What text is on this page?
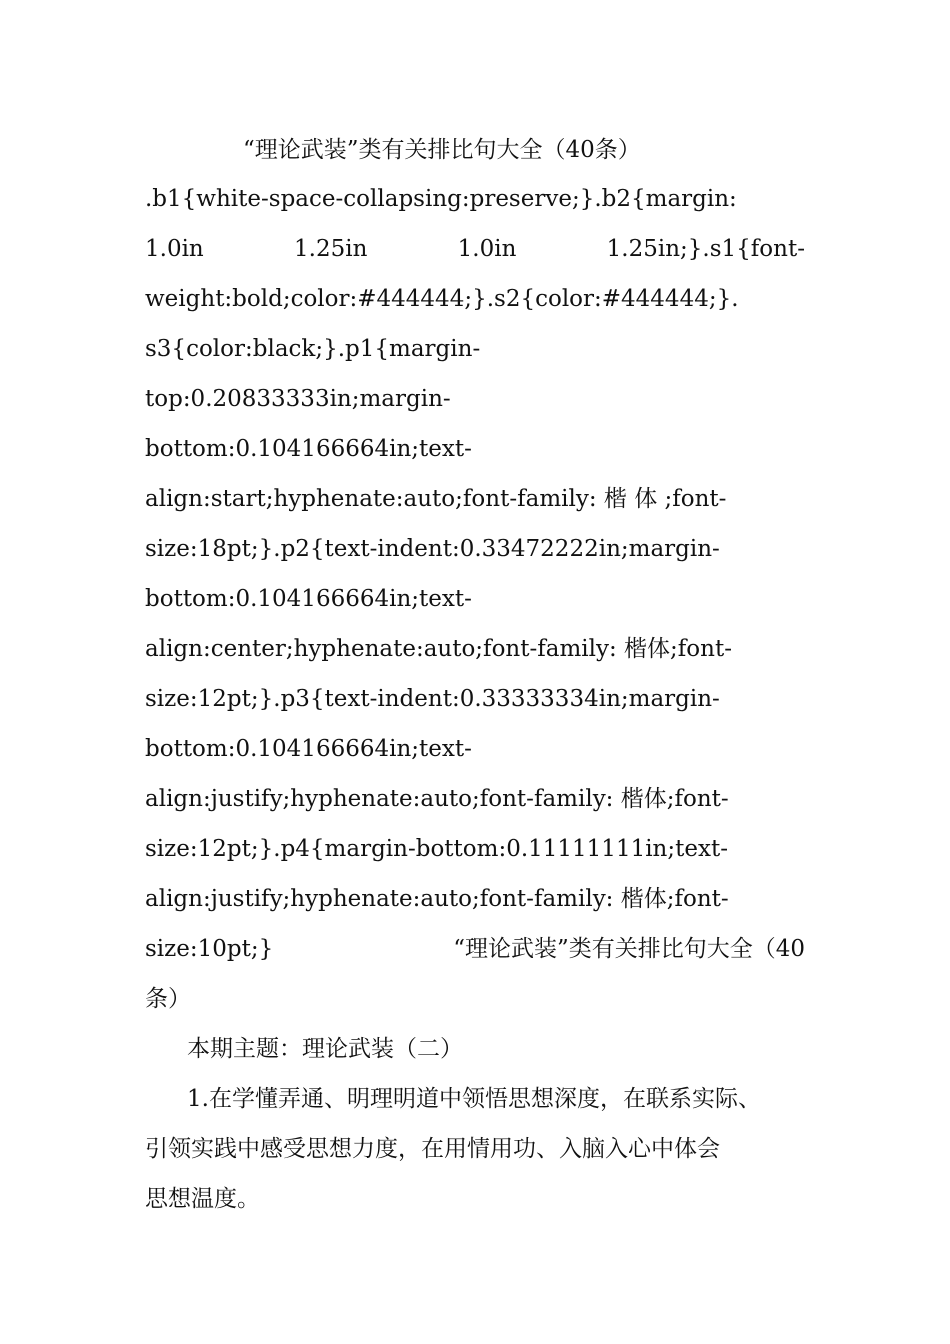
“理论武装”类有关排比句大全（40条）

.b1{white-space-collapsing:preserve;}.b2{margin:

1.0in	1.25in	1.0in	1.25in;}.s1{font-

weight:bold;color:#444444;}.s2{color:#444444;}.

s3{color:black;}.p1{margin-

top:0.20833333in;margin-

bottom:0.104166664in;text-

align:start;hyphenate:auto;font-family: 楷 体 ;font-

size:18pt;}.p2{text-indent:0.33472222in;margin-

bottom:0.104166664in;text-

align:center;hyphenate:auto;font-family: 楷体;font-

size:12pt;}.p3{text-indent:0.33333334in;margin-

bottom:0.104166664in;text-

align:justify;hyphenate:auto;font-family: 楷体;font-

size:12pt;}.p4{margin-bottom:0.11111111in;text-

align:justify;hyphenate:auto;font-family: 楷体;font-

size:10pt;}	“理论武装”类有关排比句大全（40

条）

本期主题：理论武装（二）

1.在学懂弄通、明理明道中领悟思想深度，在联系实际、

引领实践中感受思想力度，在用情用功、入脑入心中体会

思想温度。
